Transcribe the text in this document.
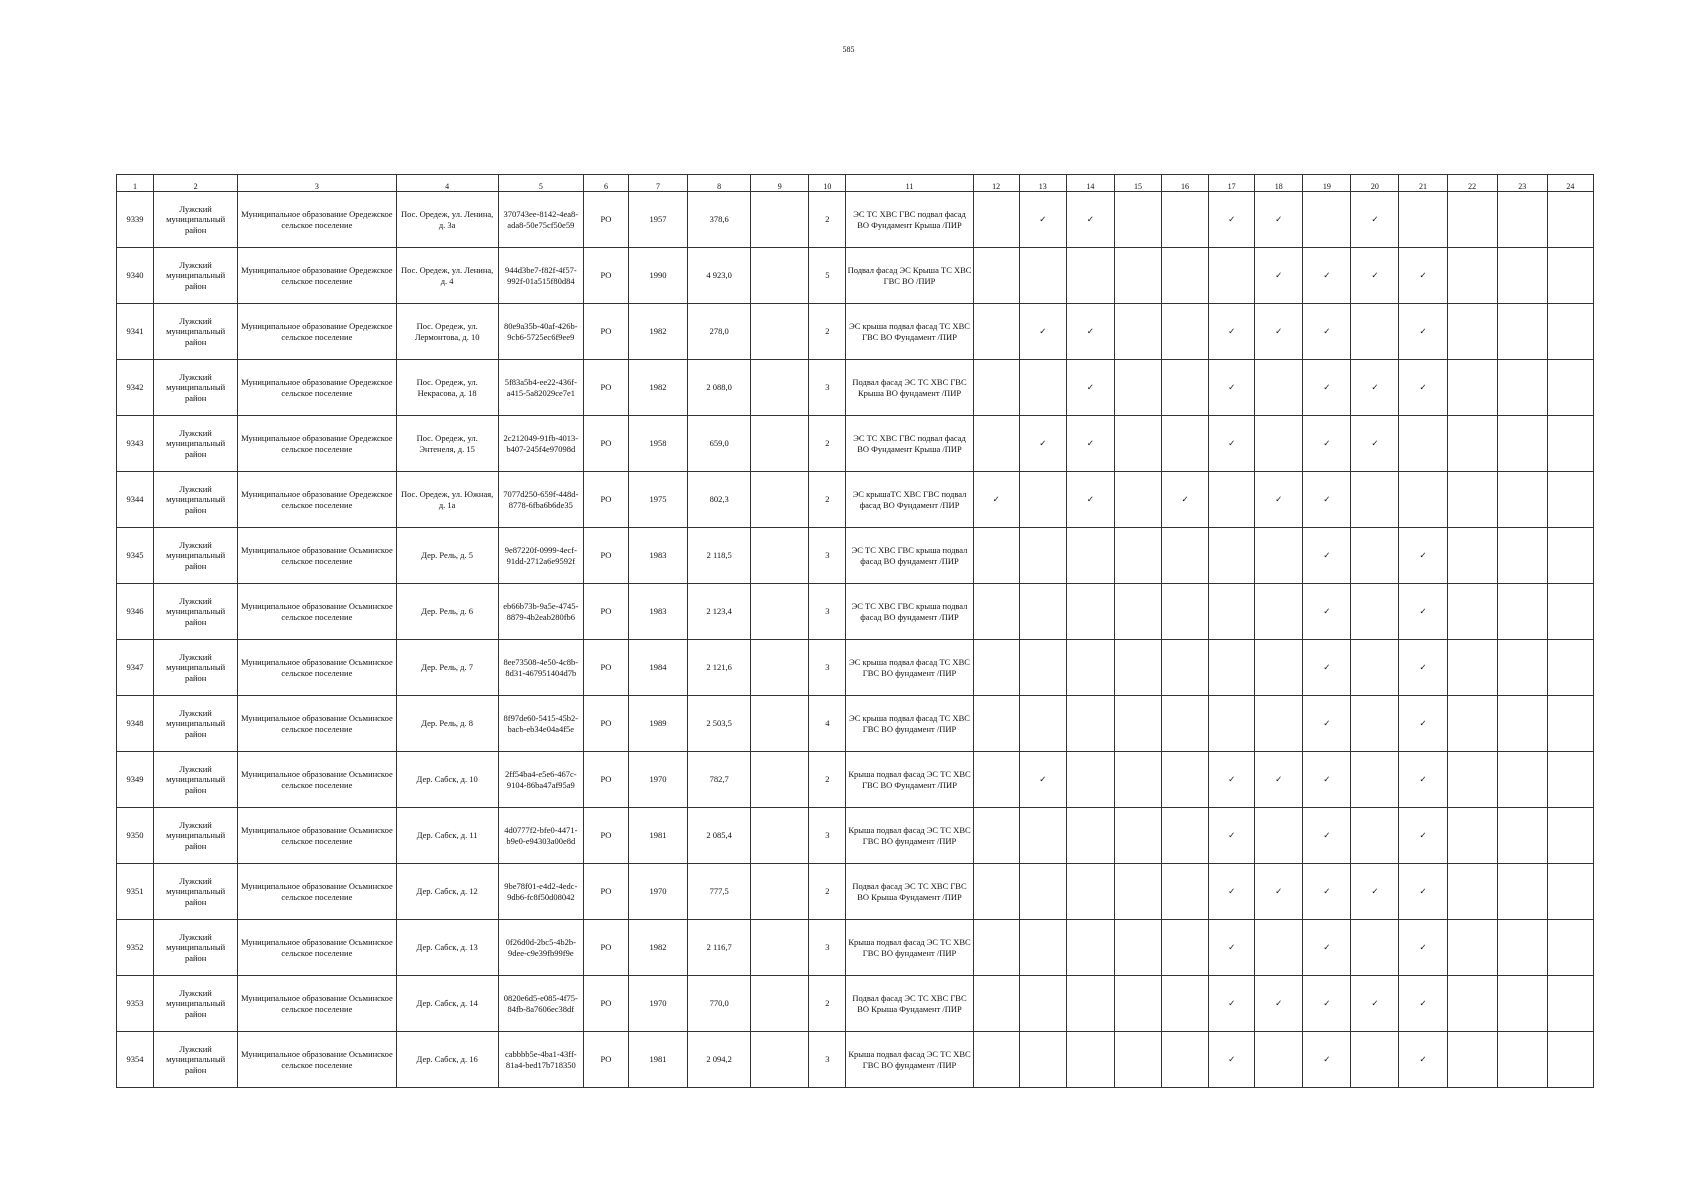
585
1	2	3	4	5	6	7	8	9	10	11	12	13	14	15	16	17	18	19	20	21	22	23	24
9339	Лужский муниципальный район	Муниципальное образование Оредежское сельское поселение	Пос. Оредеж, ул. Ленина, д. 3а	370743ee-8142-4ea8-ada8-50e75cf50e59	РО	1957	378,6		2	ЭС ТС ХВС ГВС подвал фасад ВО Фундамент Крыша /ПИР		✓	✓			✓	✓		✓				
9340	Лужский муниципальный район	Муниципальное образование Оредежское сельское поселение	Пос. Оредеж, ул. Ленина, д. 4	944d3be7-f82f-4f57-992f-01a515f80d84	РО	1990	4 923,0		5	Подвал фасад ЭС Крыша ТС ХВС ГВС ВО /ПИР							✓	✓	✓	✓			
9341	Лужский муниципальный район	Муниципальное образование Оредежское сельское поселение	Пос. Оредеж, ул. Лермонтова, д. 10	80e9a35b-40af-426b-9cb6-5725ec6f9ee9	РО	1982	278,0		2	ЭС крыша подвал фасад ТС ХВС ГВС ВО Фундамент /ПИР		✓	✓			✓	✓	✓		✓			
9342	Лужский муниципальный район	Муниципальное образование Оредежское сельское поселение	Пос. Оредеж, ул. Некрасова, д. 18	5f83a5b4-ee22-436f-a415-5a82029ce7e1	РО	1982	2 088,0		3	Подвал фасад ЭС ТС ХВС ГВС Крыша ВО фундамент /ПИР			✓			✓		✓	✓	✓			
9343	Лужский муниципальный район	Муниципальное образование Оредежское сельское поселение	Пос. Оредеж, ул. Энтенеля, д. 15	2c212049-91fb-4013-b407-245f4e97098d	РО	1958	659,0		2	ЭС ТС ХВС ГВС подвал фасад ВО Фундамент Крыша /ПИР		✓	✓			✓		✓	✓				
9344	Лужский муниципальный район	Муниципальное образование Оредежское сельское поселение	Пос. Оредеж, ул. Южная, д. 1а	7077d250-659f-448d-8778-6fba6b6de35	РО	1975	802,3		2	ЭС крышаТС ХВС ГВС подвал фасад ВО Фундамент /ПИР	✓		✓		✓		✓	✓					
9345	Лужский муниципальный район	Муниципальное образование Осьминское сельское поселение	Дер. Рель, д. 5	9e87220f-0999-4ecf-91dd-2712a6e9592f	РО	1983	2 118,5		3	ЭС ТС ХВС ГВС крыша подвал фасад ВО фундамент /ПИР								✓		✓			
9346	Лужский муниципальный район	Муниципальное образование Осьминское сельское поселение	Дер. Рель, д. 6	eb66b73b-9a5e-4745-8879-4b2eab280fb6	РО	1983	2 123,4		3	ЭС ТС ХВС ГВС крыша подвал фасад ВО фундамент /ПИР								✓		✓			
9347	Лужский муниципальный район	Муниципальное образование Осьминское сельское поселение	Дер. Рель, д. 7	8ee73508-4e50-4c8b-8d31-467951404d7b	РО	1984	2 121,6		3	ЭС крыша подвал фасад ТС ХВС ГВС ВО фундамент /ПИР								✓		✓			
9348	Лужский муниципальный район	Муниципальное образование Осьминское сельское поселение	Дер. Рель, д. 8	8f97de60-5415-45b2-bacb-eb34e04a4f5e	РО	1989	2 503,5		4	ЭС крыша подвал фасад ТС ХВС ГВС ВО фундамент /ПИР								✓		✓			
9349	Лужский муниципальный район	Муниципальное образование Осьминское сельское поселение	Дер. Сабск, д. 10	2ff54ba4-e5e6-467c-9104-86ba47af95a9	РО	1970	782,7		2	Крыша подвал фасад ЭС ТС ХВС ГВС ВО Фундамент /ПИР		✓				✓	✓	✓		✓			
9350	Лужский муниципальный район	Муниципальное образование Осьминское сельское поселение	Дер. Сабск, д. 11	4d0777f2-bfe0-4471-b9e0-e94303a00e8d	РО	1981	2 085,4		3	Крыша подвал фасад ЭС ТС ХВС ГВС ВО фундамент /ПИР						✓		✓		✓			
9351	Лужский муниципальный район	Муниципальное образование Осьминское сельское поселение	Дер. Сабск, д. 12	9be78f01-e4d2-4edc-9db6-fc8f50d08042	РО	1970	777,5		2	Подвал фасад ЭС ТС ХВС ГВС ВО Крыша Фундамент /ПИР						✓	✓	✓	✓	✓			
9352	Лужский муниципальный район	Муниципальное образование Осьминское сельское поселение	Дер. Сабск, д. 13	0f26d0d-2bc5-4b2b-9dee-c9e39fb99f9e	РО	1982	2 116,7		3	Крыша подвал фасад ЭС ТС ХВС ГВС ВО фундамент /ПИР						✓		✓		✓			
9353	Лужский муниципальный район	Муниципальное образование Осьминское сельское поселение	Дер. Сабск, д. 14	0820e6d5-e085-4f75-84fb-8a7606ec38df	РО	1970	770,0		2	Подвал фасад ЭС ТС ХВС ГВС ВО Крыша Фундамент /ПИР						✓	✓	✓	✓	✓			
9354	Лужский муниципальный район	Муниципальное образование Осьминское сельское поселение	Дер. Сабск, д. 16	cabbbb5e-4ba1-43ff-81a4-bed17b718350	РО	1981	2 094,2		3	Крыша подвал фасад ЭС ТС ХВС ГВС ВО фундамент /ПИР						✓		✓		✓			
